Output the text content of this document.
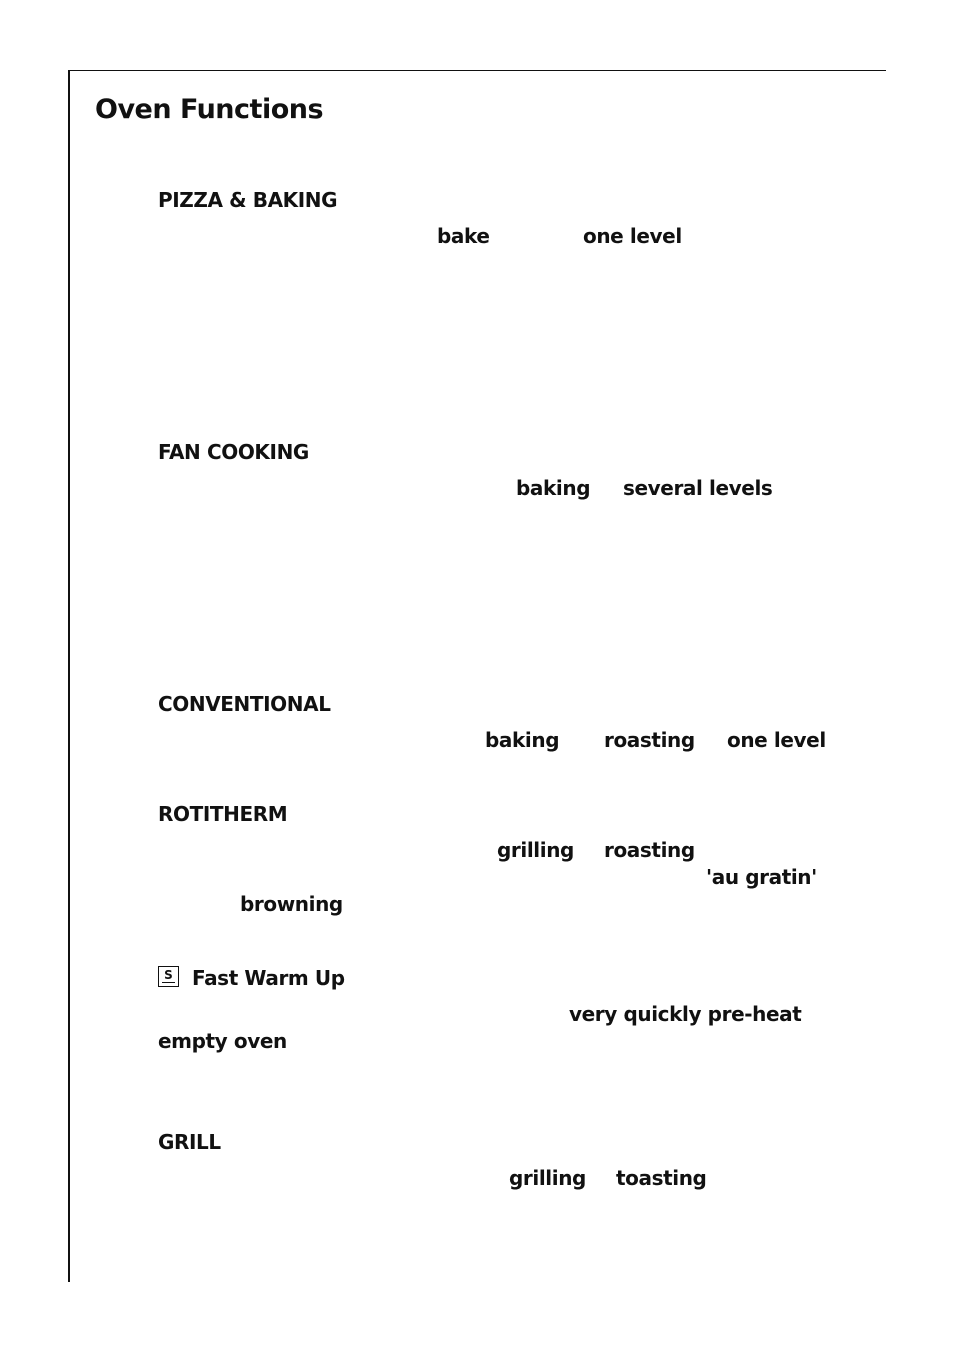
Oven Functions
PIZZA & BAKING
bake	one level
FAN COOKING
baking several levels
CONVENTIONAL
baking roasting one level
ROTITHERM
grilling roasting
'au gratin'
browning
S Fast Warm Up
very quickly pre-heat
empty oven
GRILL
grilling toasting
